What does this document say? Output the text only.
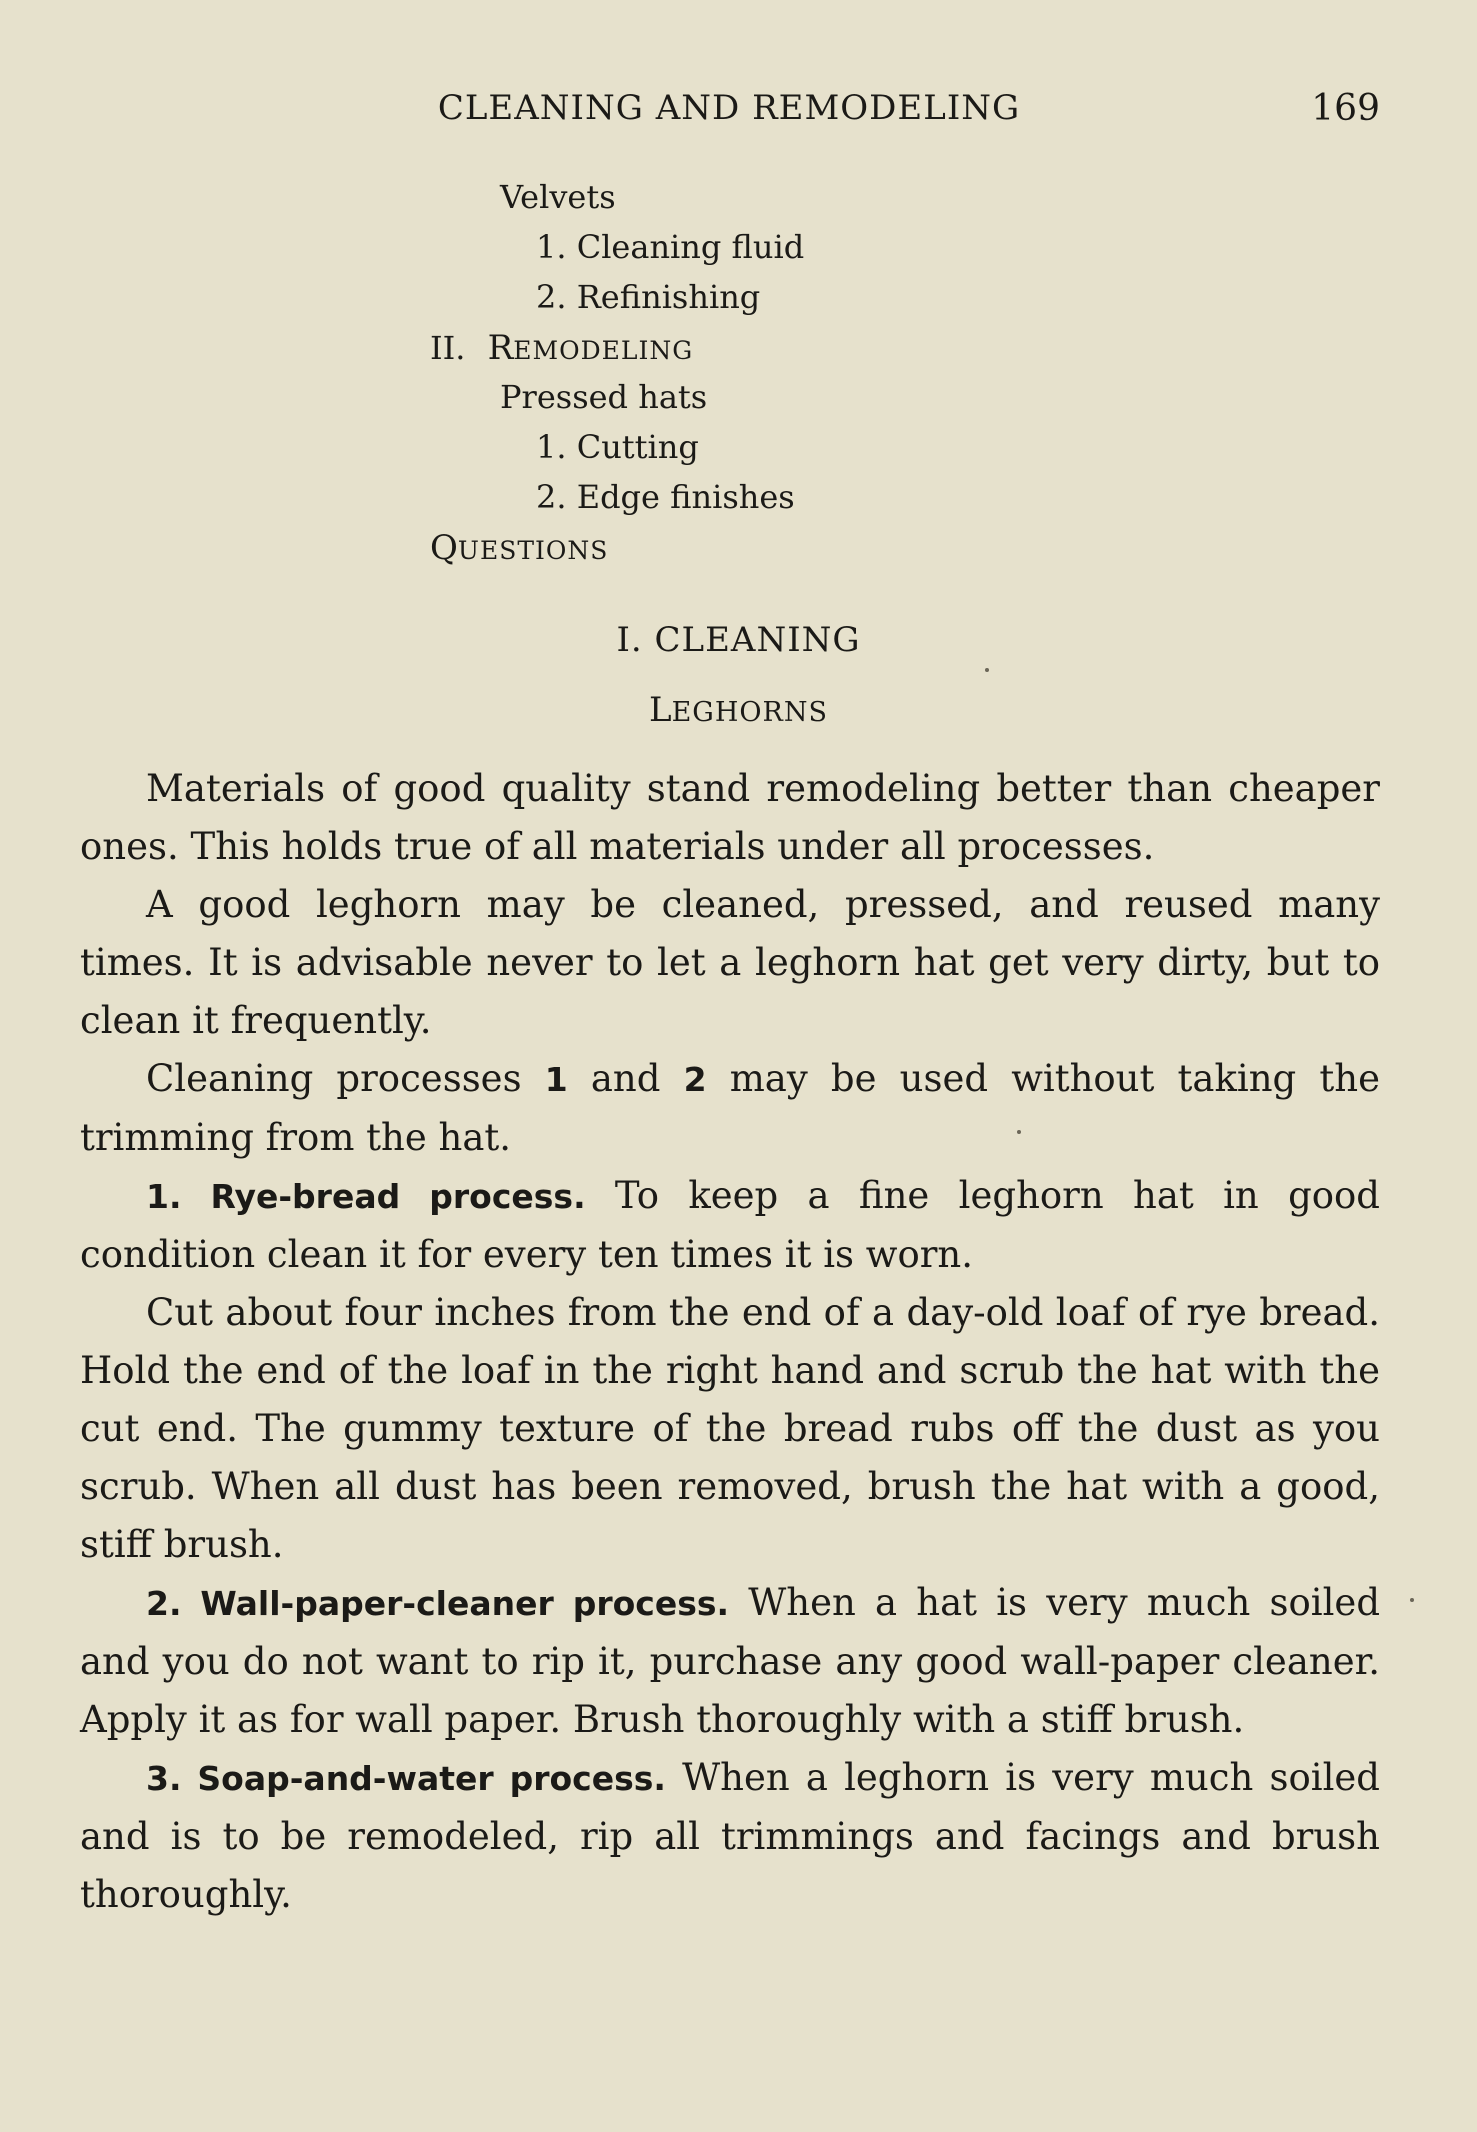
CLEANING AND REMODELING	169
Velvets
1. Cleaning fluid
2. Refinishing
II. REMODELING
Pressed hats
1. Cutting
2. Edge finishes
QUESTIONS
I. CLEANING
LEGHORNS

Materials of good quality stand remodeling better than cheaper ones. This holds true of all materials under all processes.

A good leghorn may be cleaned, pressed, and reused many times. It is advisable never to let a leghorn hat get very dirty, but to clean it frequently.

Cleaning processes 1 and 2 may be used without taking the trimming from the hat.

1. Rye-bread process. To keep a fine leghorn hat in good condition clean it for every ten times it is worn.

Cut about four inches from the end of a day-old loaf of rye bread. Hold the end of the loaf in the right hand and scrub the hat with the cut end. The gummy texture of the bread rubs off the dust as you scrub. When all dust has been removed, brush the hat with a good, stiff brush.

2. Wall-paper-cleaner process. When a hat is very much soiled and you do not want to rip it, purchase any good wall-paper cleaner. Apply it as for wall paper. Brush thoroughly with a stiff brush.

3. Soap-and-water process. When a leghorn is very much soiled and is to be remodeled, rip all trimmings and facings and brush thoroughly.
